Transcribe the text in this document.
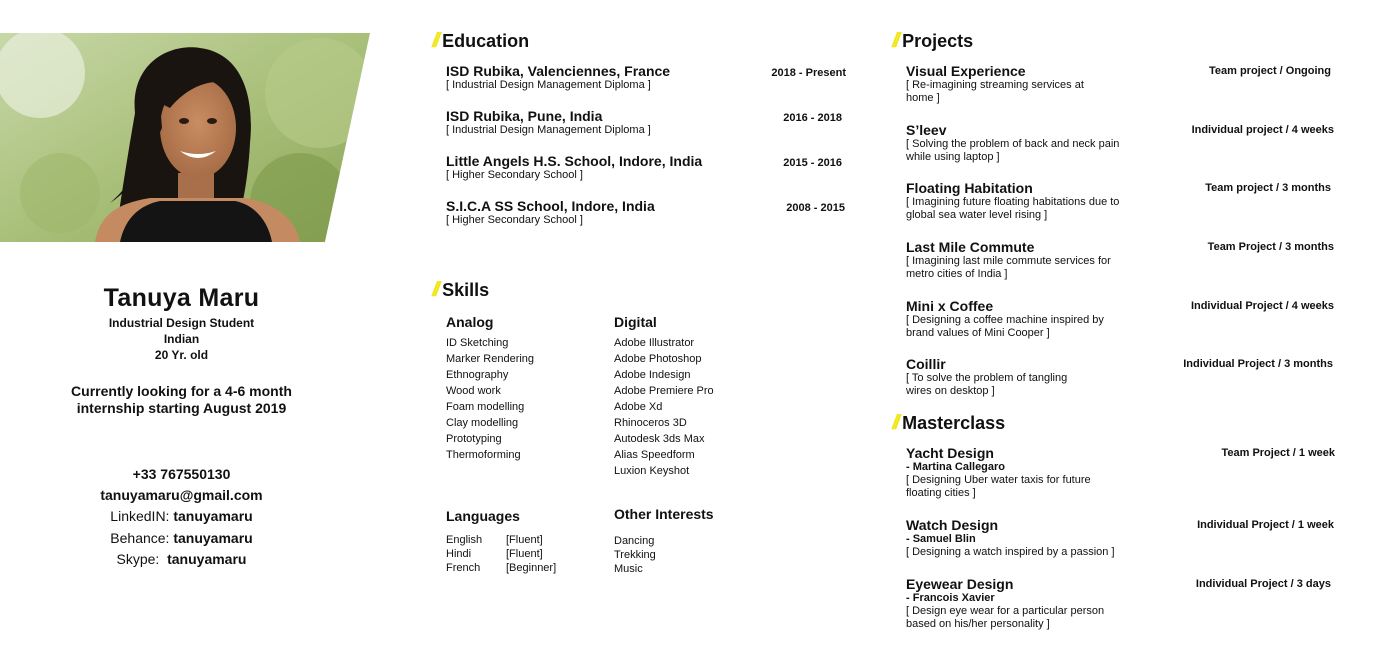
Tanuya Maru
Industrial Design Student
Indian
20 Yr. old
Currently looking for a 4-6 month
internship starting August 2019
+33 767550130
tanuyamaru@gmail.com
LinkedIN: tanuyamaru
Behance: tanuyamaru
Skype: tanuyamaru
// Education
ISD Rubika, Valenciennes, France
[ Industrial Design Management Diploma ]
2018 - Present
ISD Rubika, Pune, India
[ Industrial Design Management Diploma ]
2016 - 2018
Little Angels H.S. School, Indore, India
[ Higher Secondary School ]
2015 - 2016
S.I.C.A SS School, Indore, India
[ Higher Secondary School ]
2008 - 2015
// Skills
Analog
ID Sketching
Marker Rendering
Ethnography
Wood work
Foam modelling
Clay modelling
Prototyping
Thermoforming
Digital
Adobe Illustrator
Adobe Photoshop
Adobe Indesign
Adobe Premiere Pro
Adobe Xd
Rhinoceros 3D
Autodesk 3ds Max
Alias Speedform
Luxion Keyshot
Languages
English	[Fluent]
Hindi	[Fluent]
French	[Beginner]
Other Interests
Dancing
Trekking
Music
// Projects
Visual Experience
[ Re-imagining streaming services at
home ]
Team project / Ongoing
S’leev
[ Solving the problem of back and neck pain
while using laptop ]
Individual project / 4 weeks
Floating Habitation
[ Imagining future floating habitations due to
global sea water level rising ]
Team project / 3 months
Last Mile Commute
[ Imagining last mile commute services for
metro cities of India ]
Team Project / 3 months
Mini x Coffee
[ Designing a coffee machine inspired by
brand values of Mini Cooper ]
Individual Project / 4 weeks
Coillir
[ To solve the problem of tangling
wires on desktop ]
Individual Project / 3 months
// Masterclass
Yacht Design
- Martina Callegaro
[ Designing Uber water taxis for future
floating cities ]
Team Project / 1 week
Watch Design
- Samuel Blin
[ Designing a watch inspired by a passion ]
Individual Project / 1 week
Eyewear Design
- Francois Xavier
[ Design eye wear for a particular person
based on his/her personality ]
Individual Project / 3 days
